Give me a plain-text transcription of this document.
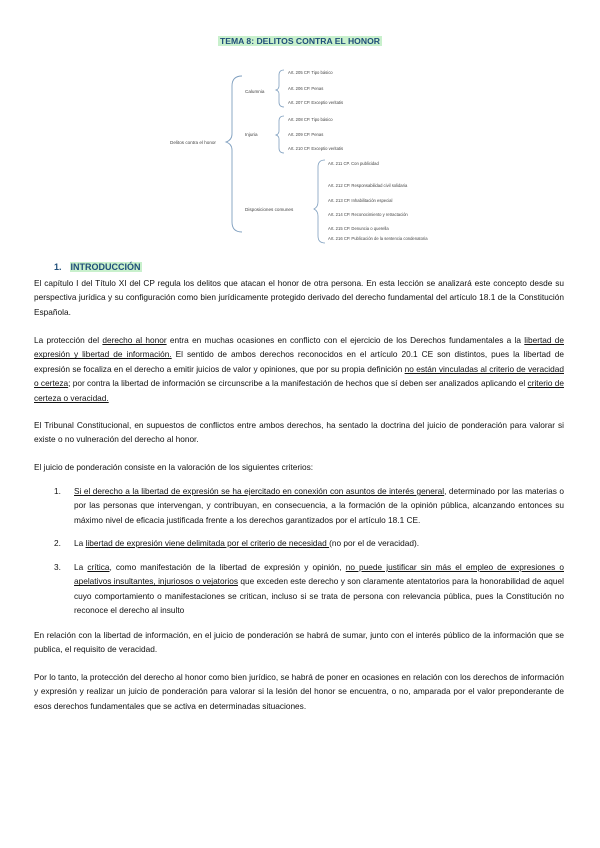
TEMA 8: DELITOS CONTRA EL HONOR
Delitos contra el honor
Calumnia
Injuria
Disposiciones comunes
Art. 205 CP. Tipo básico
Art. 206 CP. Penas
Art. 207 CP. Exceptio veritatis
Art. 208 CP. Tipo básico
Art. 209 CP. Penas
Art. 210 CP. Exceptio veritatis
Art. 211 CP. Con publicidad
Art. 212 CP. Responsabilidad civil solidaria
Art. 213 CP. Inhabilitación especial
Art. 214 CP. Reconocimiento y retractación
Art. 215 CP. Denuncia o querella
Art. 216 CP. Publicación de la sentencia condenatoria
1. INTRODUCCIÓN

El capítulo I del Título XI del CP regula los delitos que atacan el honor de otra persona. En esta lección se analizará este concepto desde su perspectiva jurídica y su configuración como bien jurídicamente protegido derivado del derecho fundamental del artículo 18.1 de la Constitución Española.

La protección del derecho al honor entra en muchas ocasiones en conflicto con el ejercicio de los Derechos fundamentales a la libertad de expresión y libertad de información. El sentido de ambos derechos reconocidos en el artículo 20.1 CE son distintos, pues la libertad de expresión se focaliza en el derecho a emitir juicios de valor y opiniones, que por su propia definición no están vinculadas al criterio de veracidad o certeza; por contra la libertad de información se circunscribe a la manifestación de hechos que sí deben ser analizados aplicando el criterio de certeza o veracidad.

El Tribunal Constitucional, en supuestos de conflictos entre ambos derechos, ha sentado la doctrina del juicio de ponderación para valorar si existe o no vulneración del derecho al honor.

El juicio de ponderación consiste en la valoración de los siguientes criterios:

1.	Si el derecho a la libertad de expresión se ha ejercitado en conexión con asuntos de interés general, determinado por las materias o por las personas que intervengan, y contribuyan, en consecuencia, a la formación de la opinión pública, alcanzando entonces su máximo nivel de eficacia justificada frente a los derechos garantizados por el artículo 18.1 CE.
2.	La libertad de expresión viene delimitada por el criterio de necesidad (no por el de veracidad).
3.	La crítica, como manifestación de la libertad de expresión y opinión, no puede justificar sin más el empleo de expresiones o apelativos insultantes, injuriosos o vejatorios que exceden este derecho y son claramente atentatorios para la honorabilidad de aquel cuyo comportamiento o manifestaciones se critican, incluso si se trata de persona con relevancia pública, pues la Constitución no reconoce el derecho al insulto

En relación con la libertad de información, en el juicio de ponderación se habrá de sumar, junto con el interés público de la información que se publica, el requisito de veracidad.

Por lo tanto, la protección del derecho al honor como bien jurídico, se habrá de poner en ocasiones en relación con los derechos de información y expresión y realizar un juicio de ponderación para valorar si la lesión del honor se encuentra, o no, amparada por el valor preponderante de esos derechos fundamentales que se activa en determinadas situaciones.
